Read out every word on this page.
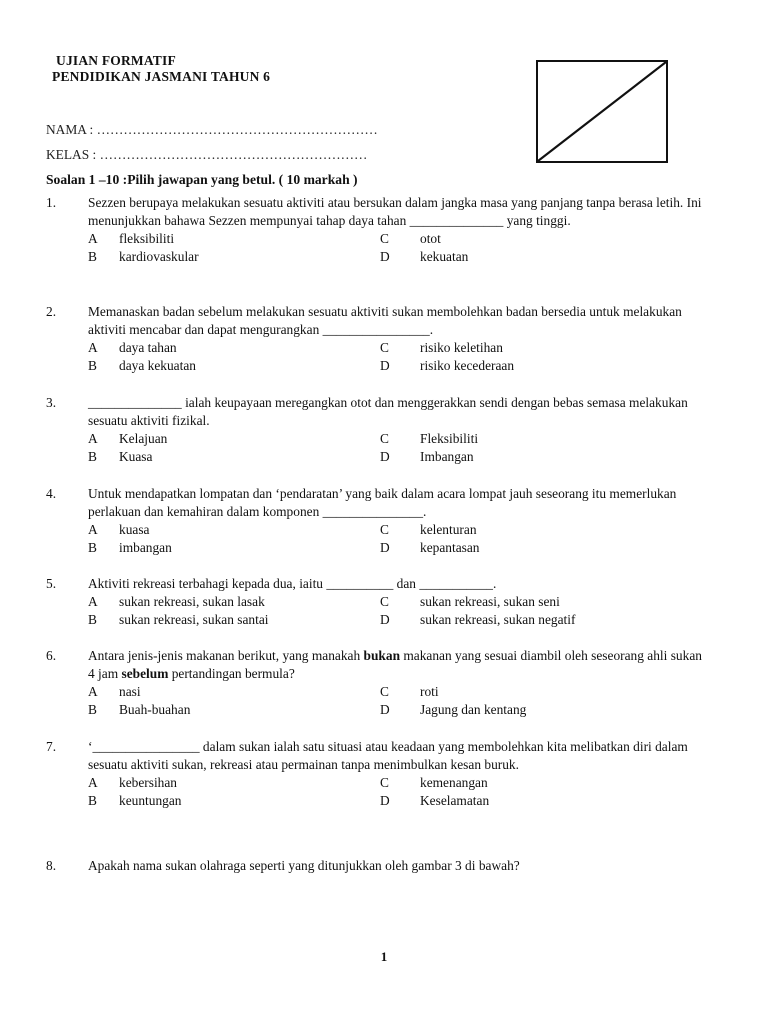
UJIAN FORMATIF
PENDIDIKAN JASMANI TAHUN 6
NAMA : ………………………………………………………
KELAS : ……………………………………………………
Soalan 1 –10 :Pilih jawapan yang betul. ( 10 markah )
1. Sezzen berupaya melakukan sesuatu aktiviti atau bersukan dalam jangka masa yang panjang tanpa berasa letih. Ini menunjukkan bahawa Sezzen mempunyai tahap daya tahan ______________ yang tinggi.
A fleksibiliti	C otot
B kardiovaskular	D kekuatan
2. Memanaskan badan sebelum melakukan sesuatu aktiviti sukan membolehkan badan bersedia untuk melakukan aktiviti mencabar dan dapat mengurangkan ________________.
A daya tahan	C risiko keletihan
B daya kekuatan	D risiko kecederaan
3. ______________ ialah keupayaan meregangkan otot dan menggerakkan sendi dengan bebas semasa melakukan sesuatu aktiviti fizikal.
A Kelajuan	C Fleksibiliti
B Kuasa	D Imbangan
4. Untuk mendapatkan lompatan dan ‘pendaratan’ yang baik dalam acara lompat jauh seseorang itu memerlukan perlakuan dan kemahiran dalam komponen _______________.
A kuasa	C kelenturan
B imbangan	D kepantasan
5. Aktiviti rekreasi terbahagi kepada dua, iaitu __________ dan ___________.
A sukan rekreasi, sukan lasak	C sukan rekreasi, sukan seni
B sukan rekreasi, sukan santai	D sukan rekreasi, sukan negatif
6. Antara jenis-jenis makanan berikut, yang manakah bukan makanan yang sesuai diambil oleh seseorang ahli sukan 4 jam sebelum pertandingan bermula?
A nasi	C roti
B Buah-buahan	D Jagung dan kentang
7. ‘________________ dalam sukan ialah satu situasi atau keadaan yang membolehkan kita melibatkan diri dalam sesuatu aktiviti sukan, rekreasi atau permainan tanpa menimbulkan kesan buruk.
A kebersihan	C kemenangan
B keuntungan	D Keselamatan
8. Apakah nama sukan olahraga seperti yang ditunjukkan oleh gambar 3 di bawah?
1
